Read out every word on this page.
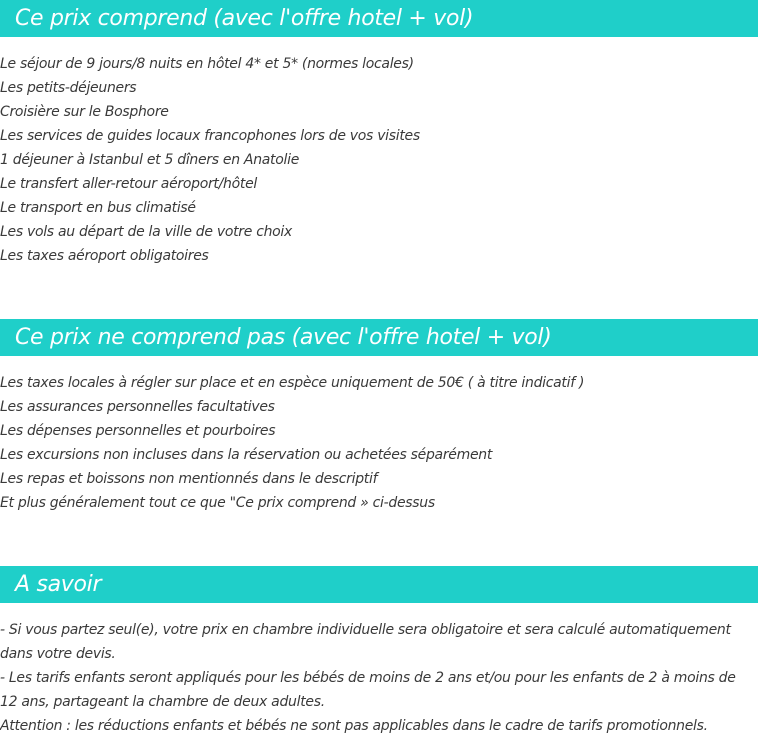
Ce prix comprend (avec l'offre hotel + vol)
Le séjour de 9 jours/8 nuits en hôtel 4* et 5* (normes locales)
Les petits-déjeuners
Croisière sur le Bosphore
Les services de guides locaux francophones lors de vos visites
1 déjeuner à Istanbul et 5 dîners en Anatolie
Le transfert aller-retour aéroport/hôtel
Le transport en bus climatisé
Les vols au départ de la ville de votre choix
Les taxes aéroport obligatoires
Ce prix ne comprend pas (avec l'offre hotel + vol)
Les taxes locales à régler sur place et en espèce uniquement de 50€ ( à titre indicatif )
Les assurances personnelles facultatives
Les dépenses personnelles et pourboires
Les excursions non incluses dans la réservation ou achetées séparément
Les repas et boissons non mentionnés dans le descriptif
Et plus généralement tout ce que "Ce prix comprend » ci-dessus
A savoir
- Si vous partez seul(e), votre prix en chambre individuelle sera obligatoire et sera calculé automatiquement dans votre devis.
- Les tarifs enfants seront appliqués pour les bébés de moins de 2 ans et/ou pour les enfants de 2 à moins de 12 ans, partageant la chambre de deux adultes.
Attention : les réductions enfants et bébés ne sont pas applicables dans le cadre de tarifs promotionnels.
